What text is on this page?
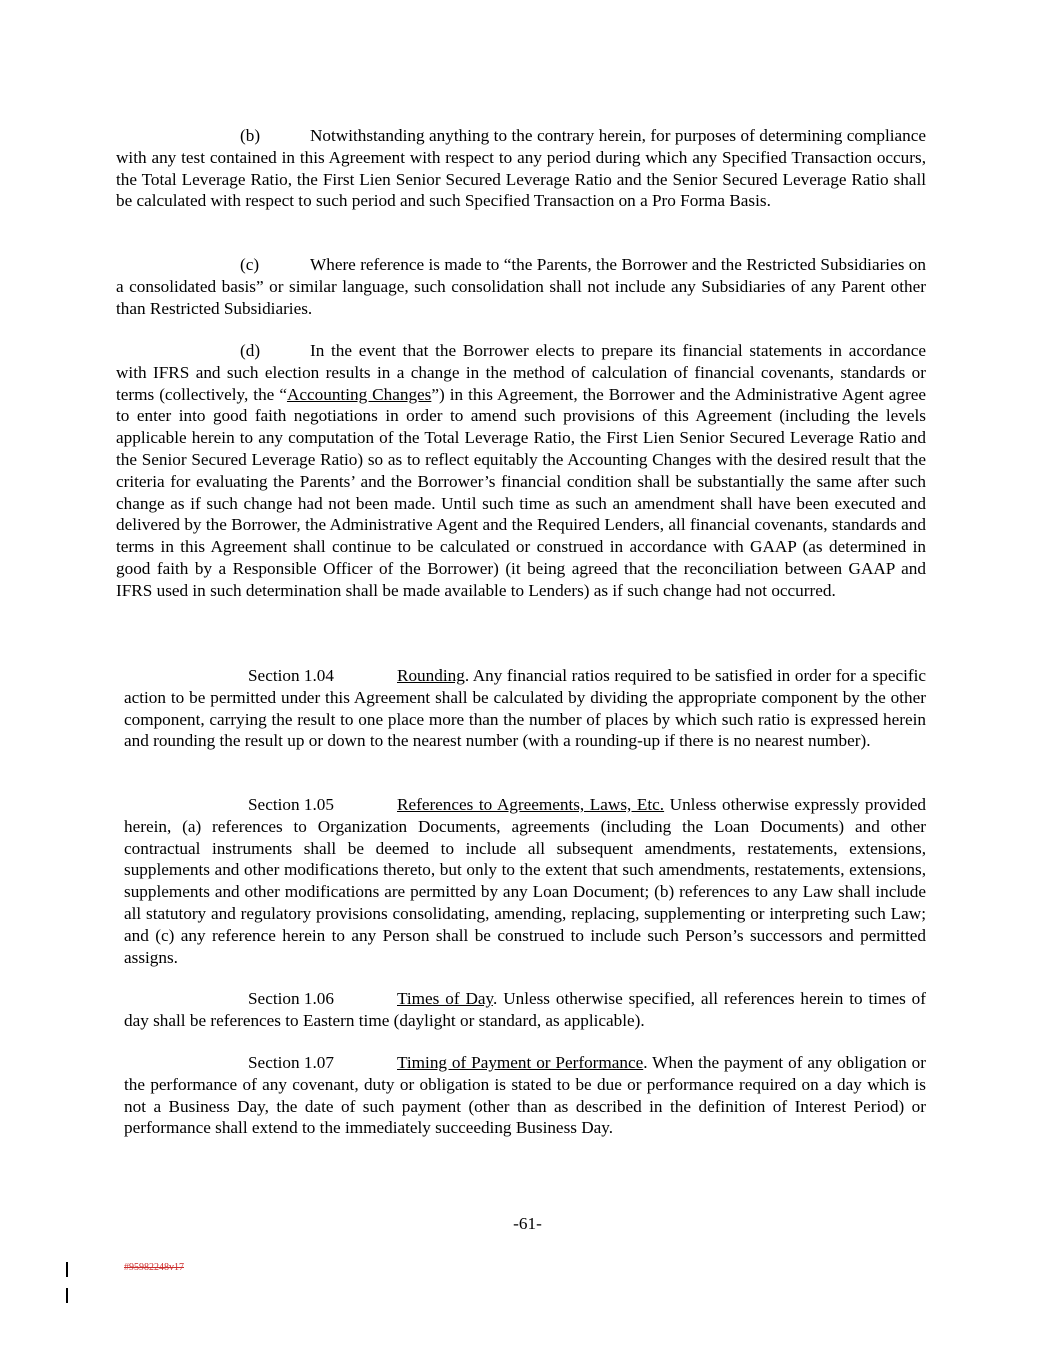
(b)	Notwithstanding anything to the contrary herein, for purposes of determining compliance with any test contained in this Agreement with respect to any period during which any Specified Transaction occurs, the Total Leverage Ratio, the First Lien Senior Secured Leverage Ratio and the Senior Secured Leverage Ratio shall be calculated with respect to such period and such Specified Transaction on a Pro Forma Basis.

(c)	Where reference is made to “the Parents, the Borrower and the Restricted Subsidiaries on a consolidated basis” or similar language, such consolidation shall not include any Subsidiaries of any Parent other than Restricted Subsidiaries.

(d)	In the event that the Borrower elects to prepare its financial statements in accordance with IFRS and such election results in a change in the method of calculation of financial covenants, standards or terms (collectively, the “Accounting Changes”) in this Agreement, the Borrower and the Administrative Agent agree to enter into good faith negotiations in order to amend such provisions of this Agreement (including the levels applicable herein to any computation of the Total Leverage Ratio, the First Lien Senior Secured Leverage Ratio and the Senior Secured Leverage Ratio) so as to reflect equitably the Accounting Changes with the desired result that the criteria for evaluating the Parents’ and the Borrower’s financial condition shall be substantially the same after such change as if such change had not been made. Until such time as such an amendment shall have been executed and delivered by the Borrower, the Administrative Agent and the Required Lenders, all financial covenants, standards and terms in this Agreement shall continue to be calculated or construed in accordance with GAAP (as determined in good faith by a Responsible Officer of the Borrower) (it being agreed that the reconciliation between GAAP and IFRS used in such determination shall be made available to Lenders) as if such change had not occurred.

Section 1.04	Rounding. Any financial ratios required to be satisfied in order for a specific action to be permitted under this Agreement shall be calculated by dividing the appropriate component by the other component, carrying the result to one place more than the number of places by which such ratio is expressed herein and rounding the result up or down to the nearest number (with a rounding-up if there is no nearest number).

Section 1.05	References to Agreements, Laws, Etc. Unless otherwise expressly provided herein, (a) references to Organization Documents, agreements (including the Loan Documents) and other contractual instruments shall be deemed to include all subsequent amendments, restatements, extensions, supplements and other modifications thereto, but only to the extent that such amendments, restatements, extensions, supplements and other modifications are permitted by any Loan Document; (b) references to any Law shall include all statutory and regulatory provisions consolidating, amending, replacing, supplementing or interpreting such Law; and (c) any reference herein to any Person shall be construed to include such Person’s successors and permitted assigns.

Section 1.06	Times of Day. Unless otherwise specified, all references herein to times of day shall be references to Eastern time (daylight or standard, as applicable).

Section 1.07	Timing of Payment or Performance. When the payment of any obligation or the performance of any covenant, duty or obligation is stated to be due or performance required on a day which is not a Business Day, the date of such payment (other than as described in the definition of Interest Period) or performance shall extend to the immediately succeeding Business Day.

-61-
#95982248v17
